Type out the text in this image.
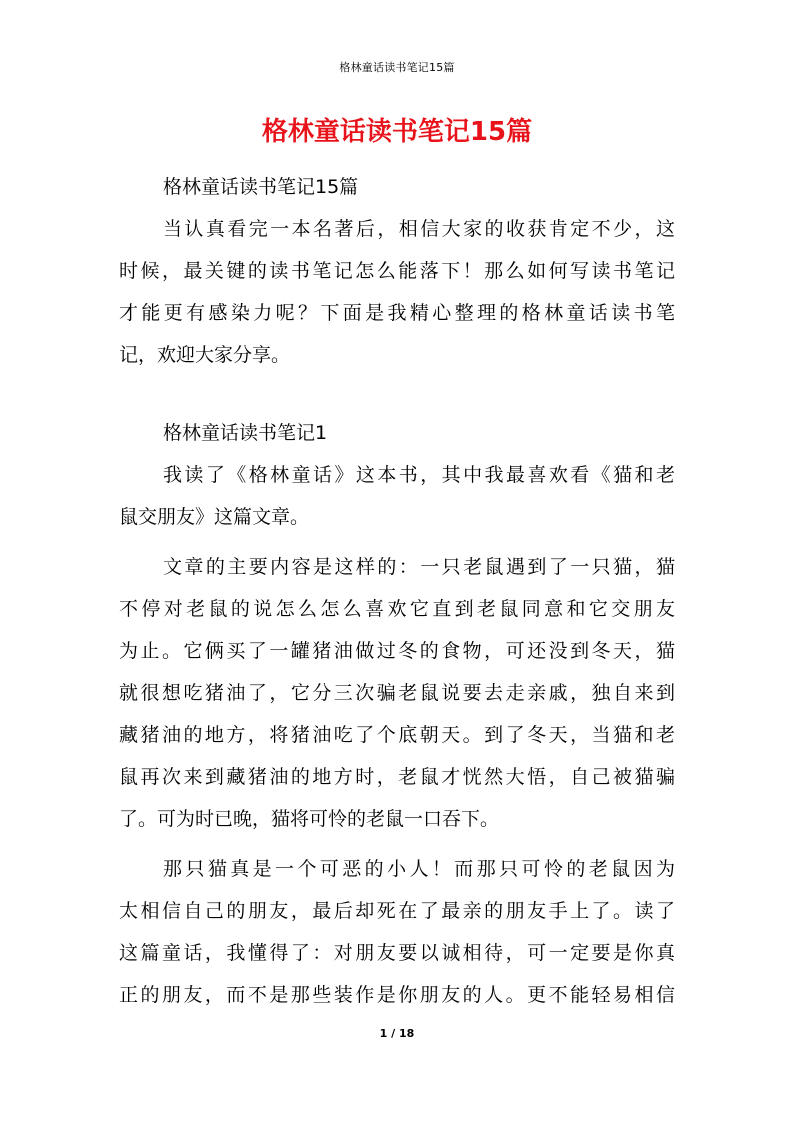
格林童话读书笔记15篇
格林童话读书笔记15篇
格林童话读书笔记15篇
当认真看完一本名著后，相信大家的收获肯定不少，这
时候，最关键的读书笔记怎么能落下！那么如何写读书笔记
才能更有感染力呢？下面是我精心整理的格林童话读书笔
记，欢迎大家分享。
格林童话读书笔记1
我读了《格林童话》这本书，其中我最喜欢看《猫和老
鼠交朋友》这篇文章。
文章的主要内容是这样的：一只老鼠遇到了一只猫，猫
不停对老鼠的说怎么怎么喜欢它直到老鼠同意和它交朋友
为止。它俩买了一罐猪油做过冬的食物，可还没到冬天，猫
就很想吃猪油了，它分三次骗老鼠说要去走亲戚，独自来到
藏猪油的地方，将猪油吃了个底朝天。到了冬天，当猫和老
鼠再次来到藏猪油的地方时，老鼠才恍然大悟，自己被猫骗
了。可为时已晚，猫将可怜的老鼠一口吞下。
那只猫真是一个可恶的小人！而那只可怜的老鼠因为
太相信自己的朋友，最后却死在了最亲的朋友手上了。读了
这篇童话，我懂得了：对朋友要以诚相待，可一定要是你真
正的朋友，而不是那些装作是你朋友的人。更不能轻易相信
1 / 18
